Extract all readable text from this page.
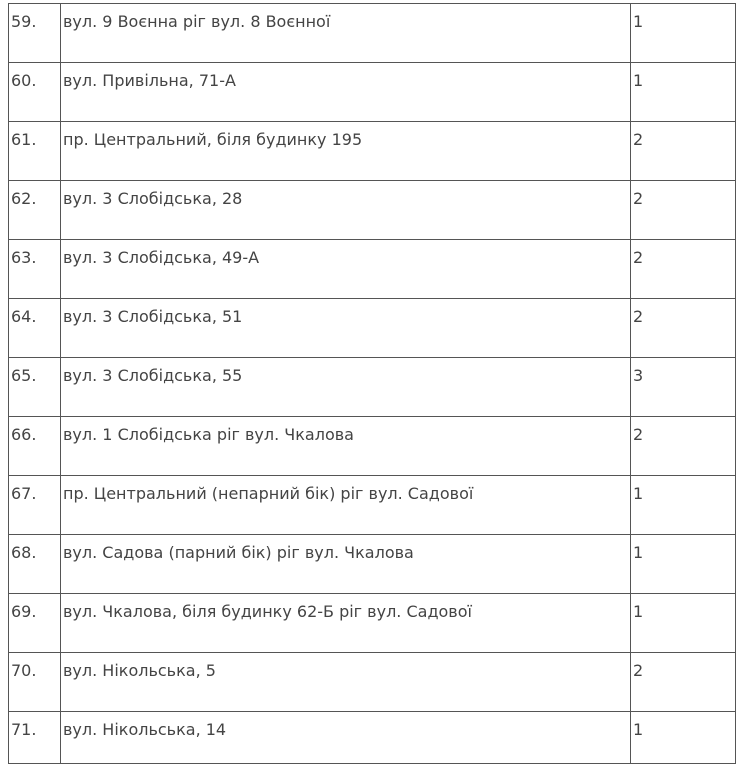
59.	вул. 9 Воєнна ріг вул. 8 Воєнної	1
60.	вул. Привільна, 71-А	1
61.	пр. Центральний, біля будинку 195	2
62.	вул. 3 Слобідська, 28	2
63.	вул. 3 Слобідська, 49-А	2
64.	вул. 3 Слобідська, 51	2
65.	вул. 3 Слобідська, 55	3
66.	вул. 1 Слобідська ріг вул. Чкалова	2
67.	пр. Центральний (непарний бік) ріг вул. Садової	1
68.	вул. Садова (парний бік) ріг вул. Чкалова	1
69.	вул. Чкалова, біля будинку 62-Б ріг вул. Садової	1
70.	вул. Нікольська, 5	2
71.	вул. Нікольська, 14	1
